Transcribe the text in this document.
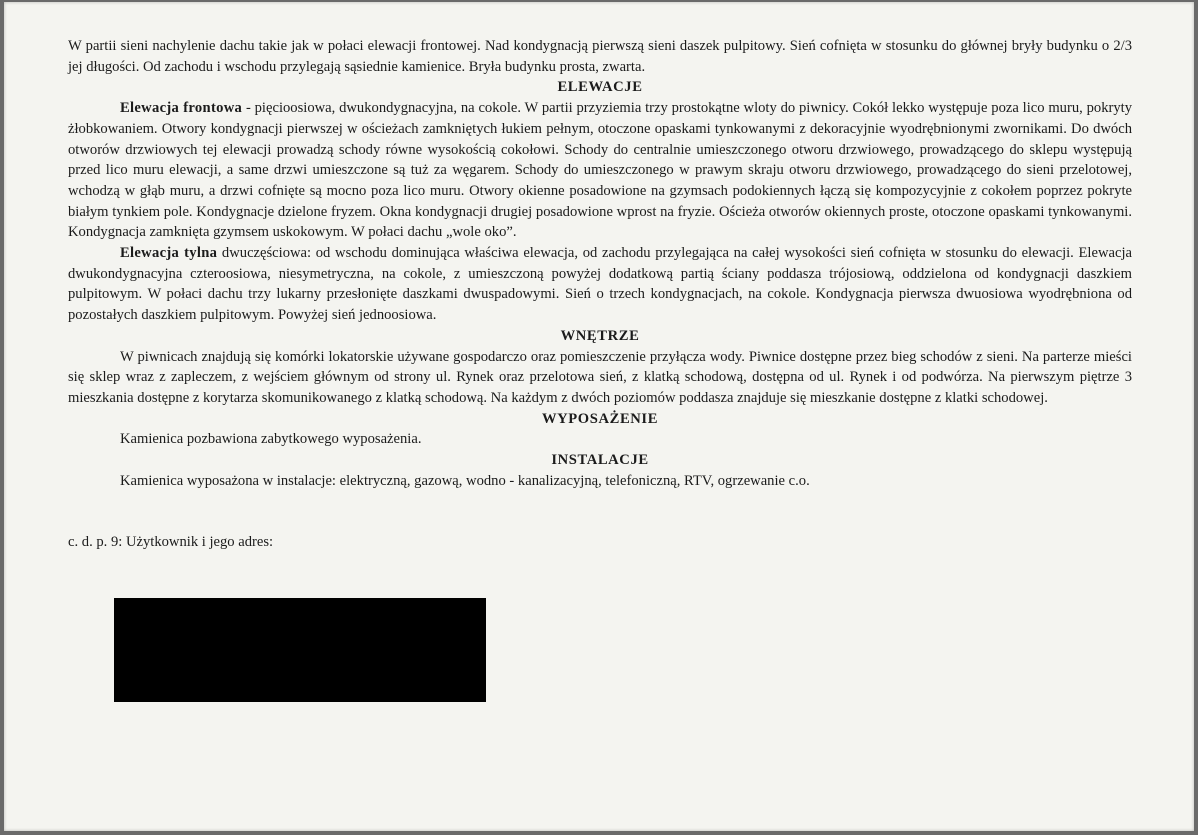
W partii sieni nachylenie dachu takie jak w połaci elewacji frontowej. Nad kondygnacją pierwszą sieni daszek pulpitowy. Sień cofnięta w stosunku do głównej bryły budynku o 2/3 jej długości. Od zachodu i wschodu przylegają sąsiednie kamienice. Bryła budynku prosta, zwarta.

ELEWACJE

Elewacja frontowa - pięcioosiowa, dwukondygnacyjna, na cokole. W partii przyziemia trzy prostokątne wloty do piwnicy. Cokół lekko występuje poza lico muru, pokryty żłobkowaniem. Otwory kondygnacji pierwszej w ościeżach zamkniętych łukiem pełnym, otoczone opaskami tynkowanymi z dekoracyjnie wyodrębnionymi zwornikami. Do dwóch otworów drzwiowych tej elewacji prowadzą schody równe wysokością cokołowi. Schody do centralnie umieszczonego otworu drzwiowego, prowadzącego do sklepu występują przed lico muru elewacji, a same drzwi umieszczone są tuż za węgarem. Schody do umieszczonego w prawym skraju otworu drzwiowego, prowadzącego do sieni przelotowej, wchodzą w głąb muru, a drzwi cofnięte są mocno poza lico muru. Otwory okienne posadowione na gzymsach podokiennych łączą się kompozycyjnie z cokołem poprzez pokryte białym tynkiem pole. Kondygnacje dzielone fryzem. Okna kondygnacji drugiej posadowione wprost na fryzie. Ościeża otworów okiennych proste, otoczone opaskami tynkowanymi. Kondygnacja zamknięta gzymsem uskokowym. W połaci dachu „wole oko”.

Elewacja tylna dwuczęściowa: od wschodu dominująca właściwa elewacja, od zachodu przylegająca na całej wysokości sień cofnięta w stosunku do elewacji. Elewacja dwukondygnacyjna czteroosiowa, niesymetryczna, na cokole, z umieszczoną powyżej dodatkową partią ściany poddasza trójosiową, oddzielona od kondygnacji daszkiem pulpitowym. W połaci dachu trzy lukarny przesłonięte daszkami dwuspadowymi. Sień o trzech kondygnacjach, na cokole. Kondygnacja pierwsza dwuosiowa wyodrębniona od pozostałych daszkiem pulpitowym. Powyżej sień jednoosiowa.

WNĘTRZE

W piwnicach znajdują się komórki lokatorskie używane gospodarczo oraz pomieszczenie przyłącza wody. Piwnice dostępne przez bieg schodów z sieni. Na parterze mieści się sklep wraz z zapleczem, z wejściem głównym od strony ul. Rynek oraz przelotowa sień, z klatką schodową, dostępna od ul. Rynek i od podwórza. Na pierwszym piętrze 3 mieszkania dostępne z korytarza skomunikowanego z klatką schodową. Na każdym z dwóch poziomów poddasza znajduje się mieszkanie dostępne z klatki schodowej.

WYPOSAŻENIE

Kamienica pozbawiona zabytkowego wyposażenia.

INSTALACJE

Kamienica wyposażona w instalacje: elektryczną, gazową, wodno - kanalizacyjną, telefoniczną, RTV, ogrzewanie c.o.

c. d. p. 9: Użytkownik i jego adres:
